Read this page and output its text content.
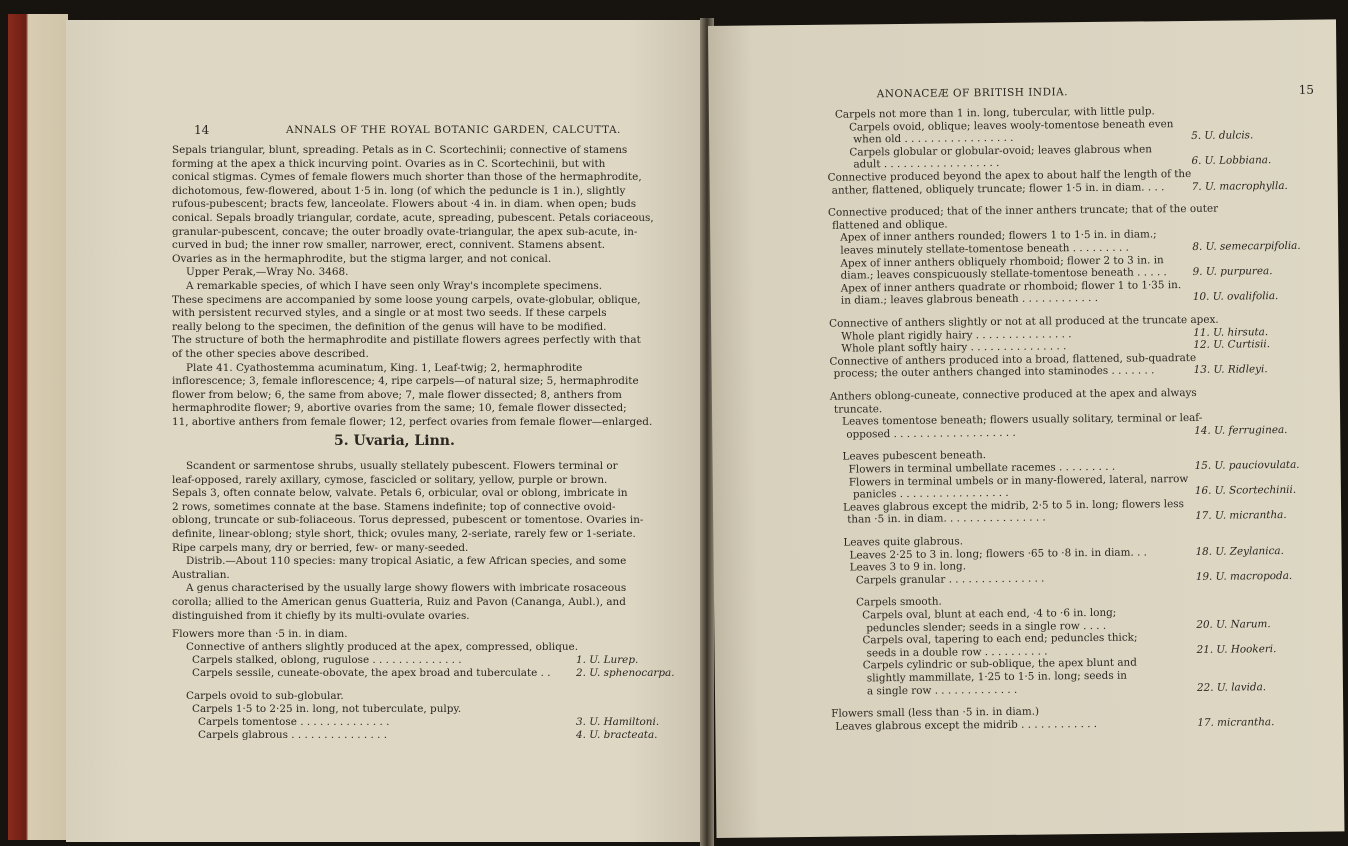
14	ANNALS OF THE ROYAL BOTANIC GARDEN, CALCUTTA.
Sepals triangular, blunt, spreading. Petals as in C. Scortechinii; connective of stamens
forming at the apex a thick incurving point. Ovaries as in C. Scortechinii, but with
conical stigmas. Cymes of female flowers much shorter than those of the hermaphrodite,
dichotomous, few-flowered, about 1·5 in. long (of which the peduncle is 1 in.), slightly
rufous-pubescent; bracts few, lanceolate. Flowers about ·4 in. in diam. when open; buds
conical. Sepals broadly triangular, cordate, acute, spreading, pubescent. Petals coriaceous,
granular-pubescent, concave; the outer broadly ovate-triangular, the apex sub-acute, in-
curved in bud; the inner row smaller, narrower, erect, connivent. Stamens absent.
Ovaries as in the hermaphrodite, but the stigma larger, and not conical.
Upper Perak,—Wray No. 3468.
A remarkable species, of which I have seen only Wray's incomplete specimens.
These specimens are accompanied by some loose young carpels, ovate-globular, oblique,
with persistent recurved styles, and a single or at most two seeds. If these carpels
really belong to the specimen, the definition of the genus will have to be modified.
The structure of both the hermaphrodite and pistillate flowers agrees perfectly with that
of the other species above described.
Plate 41. Cyathostemma acuminatum, King. 1, Leaf-twig; 2, hermaphrodite
inflorescence; 3, female inflorescence; 4, ripe carpels—of natural size; 5, hermaphrodite
flower from below; 6, the same from above; 7, male flower dissected; 8, anthers from
hermaphrodite flower; 9, abortive ovaries from the same; 10, female flower dissected;
11, abortive anthers from female flower; 12, perfect ovaries from female flower—enlarged.
5. Uvaria, Linn.
Scandent or sarmentose shrubs, usually stellately pubescent. Flowers terminal or
leaf-opposed, rarely axillary, cymose, fascicled or solitary, yellow, purple or brown.
Sepals 3, often connate below, valvate. Petals 6, orbicular, oval or oblong, imbricate in
2 rows, sometimes connate at the base. Stamens indefinite; top of connective ovoid-
oblong, truncate or sub-foliaceous. Torus depressed, pubescent or tomentose. Ovaries in-
definite, linear-oblong; style short, thick; ovules many, 2-seriate, rarely few or 1-seriate.
Ripe carpels many, dry or berried, few- or many-seeded.
Distrib.—About 110 species: many tropical Asiatic, a few African species, and some
Australian.
A genus characterised by the usually large showy flowers with imbricate rosaceous
corolla; allied to the American genus Guatteria, Ruiz and Pavon (Cananga, Aubl.), and
distinguished from it chiefly by its multi-ovulate ovaries.
Flowers more than ·5 in. in diam.
Connective of anthers slightly produced at the apex, compressed, oblique.
Carpels stalked, oblong, rugulose . . . . . . . . . . . . . .	1. U. Lurep.
Carpels sessile, cuneate-obovate, the apex broad and tuberculate . . 2. U. sphenocarpa.
Carpels ovoid to sub-globular.
Carpels 1·5 to 2·25 in. long, not tuberculate, pulpy.
Carpels tomentose . . . . . . . . . . . . . .	3. U. Hamiltoni.
Carpels glabrous . . . . . . . . . . . . . . .	4. U. bracteata.
ANONACEÆ OF BRITISH INDIA.	15
Carpels not more than 1 in. long, tubercular, with little pulp.
Carpels ovoid, oblique; leaves wooly-tomentose beneath even
when old . . . . . . . . . . . . . . . . .	5. U. dulcis.
Carpels globular or globular-ovoid; leaves glabrous when
adult . . . . . . . . . . . . . . . . . .	6. U. Lobbiana.
Connective produced beyond the apex to about half the length of the
anther, flattened, obliquely truncate; flower 1·5 in. in diam. . . .	7. U. macrophylla.
Connective produced; that of the inner anthers truncate; that of the outer
flattened and oblique.
Apex of inner anthers rounded; flowers 1 to 1·5 in. in diam.;
leaves minutely stellate-tomentose beneath . . . . . . . . .	8. U. semecarpifolia.
Apex of inner anthers obliquely rhomboid; flower 2 to 3 in. in
diam.; leaves conspicuously stellate-tomentose beneath . . . . . 9. U. purpurea.
Apex of inner anthers quadrate or rhomboid; flower 1 to 1·35 in.
in diam.; leaves glabrous beneath . . . . . . . . . . . .	10. U. ovalifolia.
Connective of anthers slightly or not at all produced at the truncate apex.
Whole plant rigidly hairy . . . . . . . . . . . . . . .	11. U. hirsuta.
Whole plant softly hairy . . . . . . . . . . . . . . .	12. U. Curtisii.
Connective of anthers produced into a broad, flattened, sub-quadrate
process; the outer anthers changed into staminodes . . . . . . .	13. U. Ridleyi.
Anthers oblong-cuneate, connective produced at the apex and always
truncate.
Leaves tomentose beneath; flowers usually solitary, terminal or leaf-
opposed . . . . . . . . . . . . . . . . . . .	14. U. ferruginea.
Leaves pubescent beneath.
Flowers in terminal umbellate racemes . . . . . . . . .	15. U. pauciovulata.
Flowers in terminal umbels or in many-flowered, lateral, narrow
panicles . . . . . . . . . . . . . . . . .	16. U. Scortechinii.
Leaves glabrous except the midrib, 2·5 to 5 in. long; flowers less
than ·5 in. in diam. . . . . . . . . . . . . . . .	17. U. micrantha.
Leaves quite glabrous.
Leaves 2·25 to 3 in. long; flowers ·65 to ·8 in. in diam. . .	18. U. Zeylanica.
Leaves 3 to 9 in. long.
Carpels granular . . . . . . . . . . . . . . .	19. U. macropoda.
Carpels smooth.
Carpels oval, blunt at each end, ·4 to ·6 in. long;
peduncles slender; seeds in a single row . . . .	20. U. Narum.
Carpels oval, tapering to each end; peduncles thick;
seeds in a double row . . . . . . . . . .	21. U. Hookeri.
Carpels cylindric or sub-oblique, the apex blunt and
slightly mammillate, 1·25 to 1·5 in. long; seeds in
a single row . . . . . . . . . . . . .	22. U. lavida.
Flowers small (less than ·5 in. in diam.)
Leaves glabrous except the midrib . . . . . . . . . . . .	17. micrantha.
